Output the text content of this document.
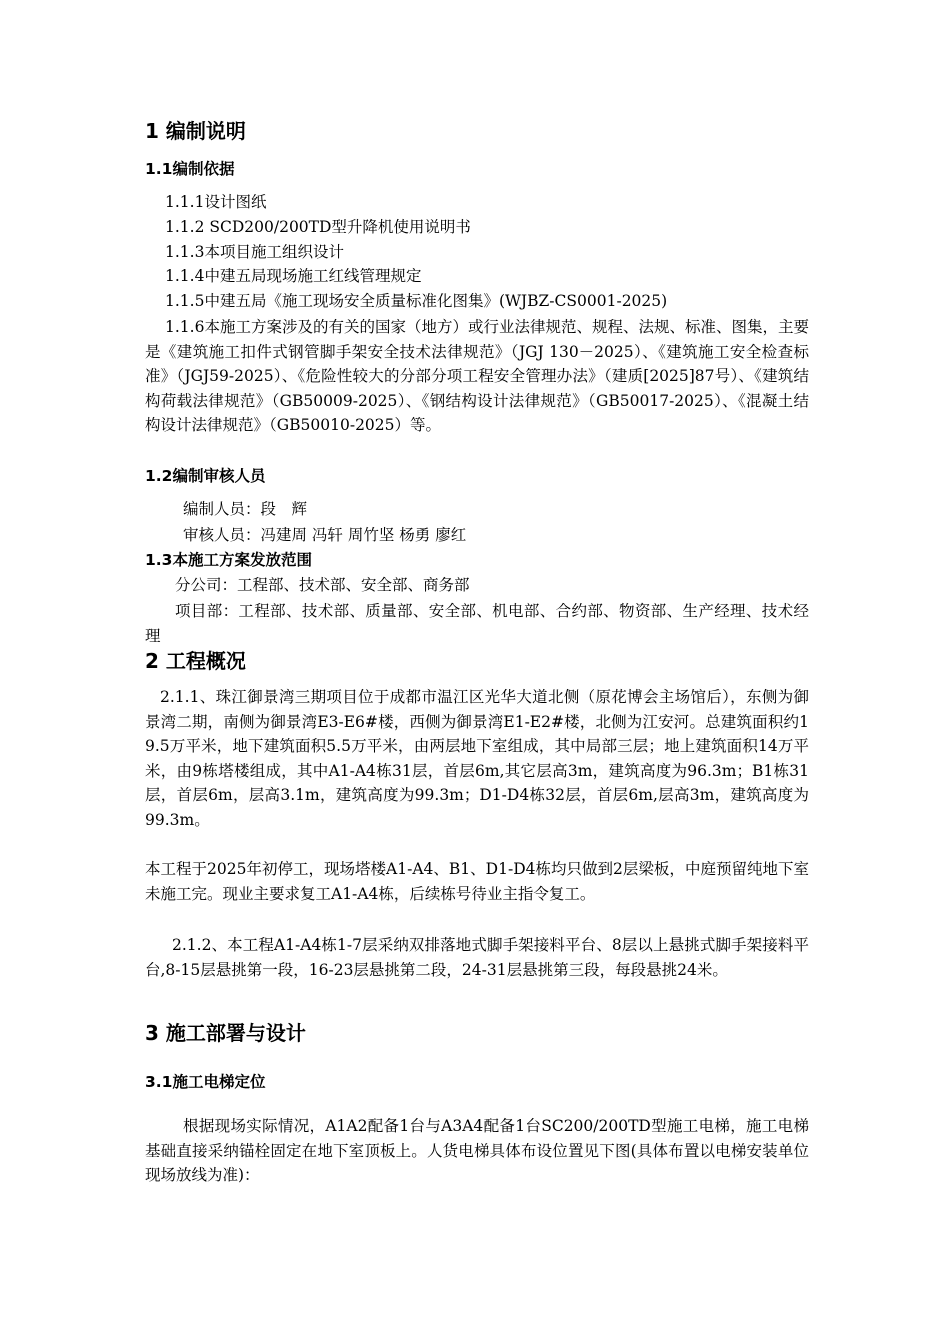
1 编制说明
1.1编制依据
1.1.1设计图纸
1.1.2 SCD200/200TD型升降机使用说明书
1.1.3本项目施工组织设计
1.1.4中建五局现场施工红线管理规定
1.1.5中建五局《施工现场安全质量标准化图集》(WJBZ-CS0001-2025)
1.1.6本施工方案涉及的有关的国家（地方）或行业法律规范、规程、法规、标准、图集，主要是《建筑施工扣件式钢管脚手架安全技术法律规范》（JGJ 130－2025）、《建筑施工安全检查标准》（JGJ59-2025）、《危险性较大的分部分项工程安全管理办法》（建质[2025]87号）、《建筑结构荷载法律规范》（GB50009-2025）、《钢结构设计法律规范》（GB50017-2025）、《混凝土结构设计法律规范》（GB50010-2025）等。
1.2编制审核人员
编制人员：段　辉
审核人员：冯建周 冯轩 周竹坚 杨勇 廖红
1.3本施工方案发放范围
分公司：工程部、技术部、安全部、商务部
项目部：工程部、技术部、质量部、安全部、机电部、合约部、物资部、生产经理、技术经理
2 工程概况
2.1.1、珠江御景湾三期项目位于成都市温江区光华大道北侧（原花博会主场馆后），东侧为御景湾二期，南侧为御景湾E3-E6#楼，西侧为御景湾E1-E2#楼，北侧为江安河。总建筑面积约19.5万平米，地下建筑面积5.5万平米，由两层地下室组成，其中局部三层；地上建筑面积14万平米，由9栋塔楼组成，其中A1-A4栋31层，首层6m,其它层高3m，建筑高度为96.3m；B1栋31层，首层6m，层高3.1m，建筑高度为99.3m；D1-D4栋32层，首层6m,层高3m，建筑高度为99.3m。
本工程于2025年初停工，现场塔楼A1-A4、B1、D1-D4栋均只做到2层梁板，中庭预留纯地下室未施工完。现业主要求复工A1-A4栋，后续栋号待业主指令复工。
2.1.2、本工程A1-A4栋1-7层采纳双排落地式脚手架接料平台、8层以上悬挑式脚手架接料平台,8-15层悬挑第一段，16-23层悬挑第二段，24-31层悬挑第三段，每段悬挑24米。
3 施工部署与设计
3.1施工电梯定位
根据现场实际情况，A1A2配备1台与A3A4配备1台SC200/200TD型施工电梯，施工电梯基础直接采纳锚栓固定在地下室顶板上。人货电梯具体布设位置见下图(具体布置以电梯安装单位现场放线为准)：
